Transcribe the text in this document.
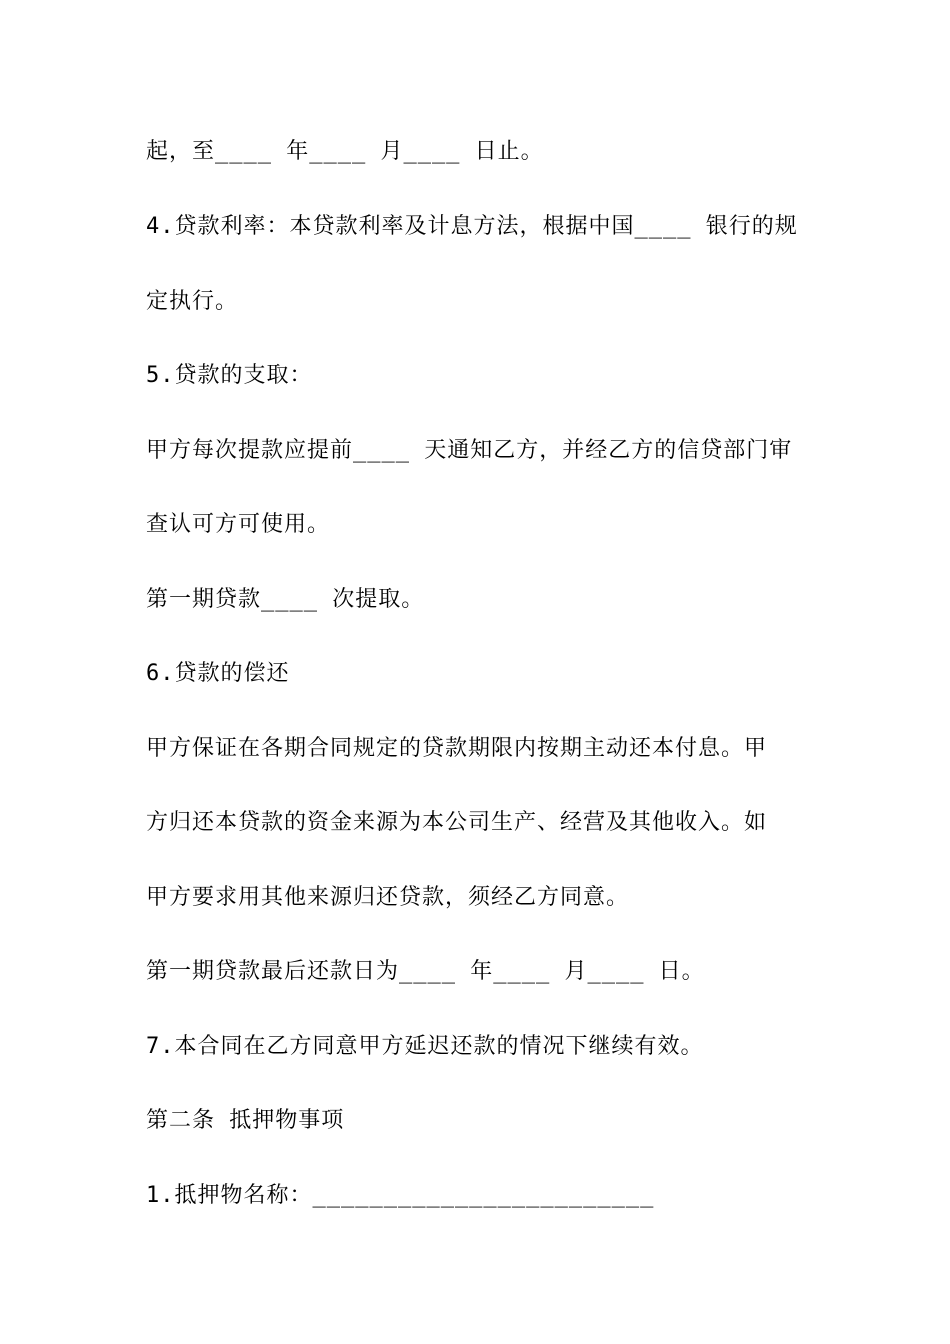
起，至____ 年____ 月____ 日止。
4.贷款利率：本贷款利率及计息方法，根据中国____ 银行的规
定执行。
5.贷款的支取：
甲方每次提款应提前____ 天通知乙方，并经乙方的信贷部门审
查认可方可使用。
第一期贷款____ 次提取。
6.贷款的偿还
甲方保证在各期合同规定的贷款期限内按期主动还本付息。甲
方归还本贷款的资金来源为本公司生产、经营及其他收入。如
甲方要求用其他来源归还贷款，须经乙方同意。
第一期贷款最后还款日为____ 年____ 月____ 日。
7.本合同在乙方同意甲方延迟还款的情况下继续有效。
第二条 抵押物事项
1.抵押物名称：________________________
